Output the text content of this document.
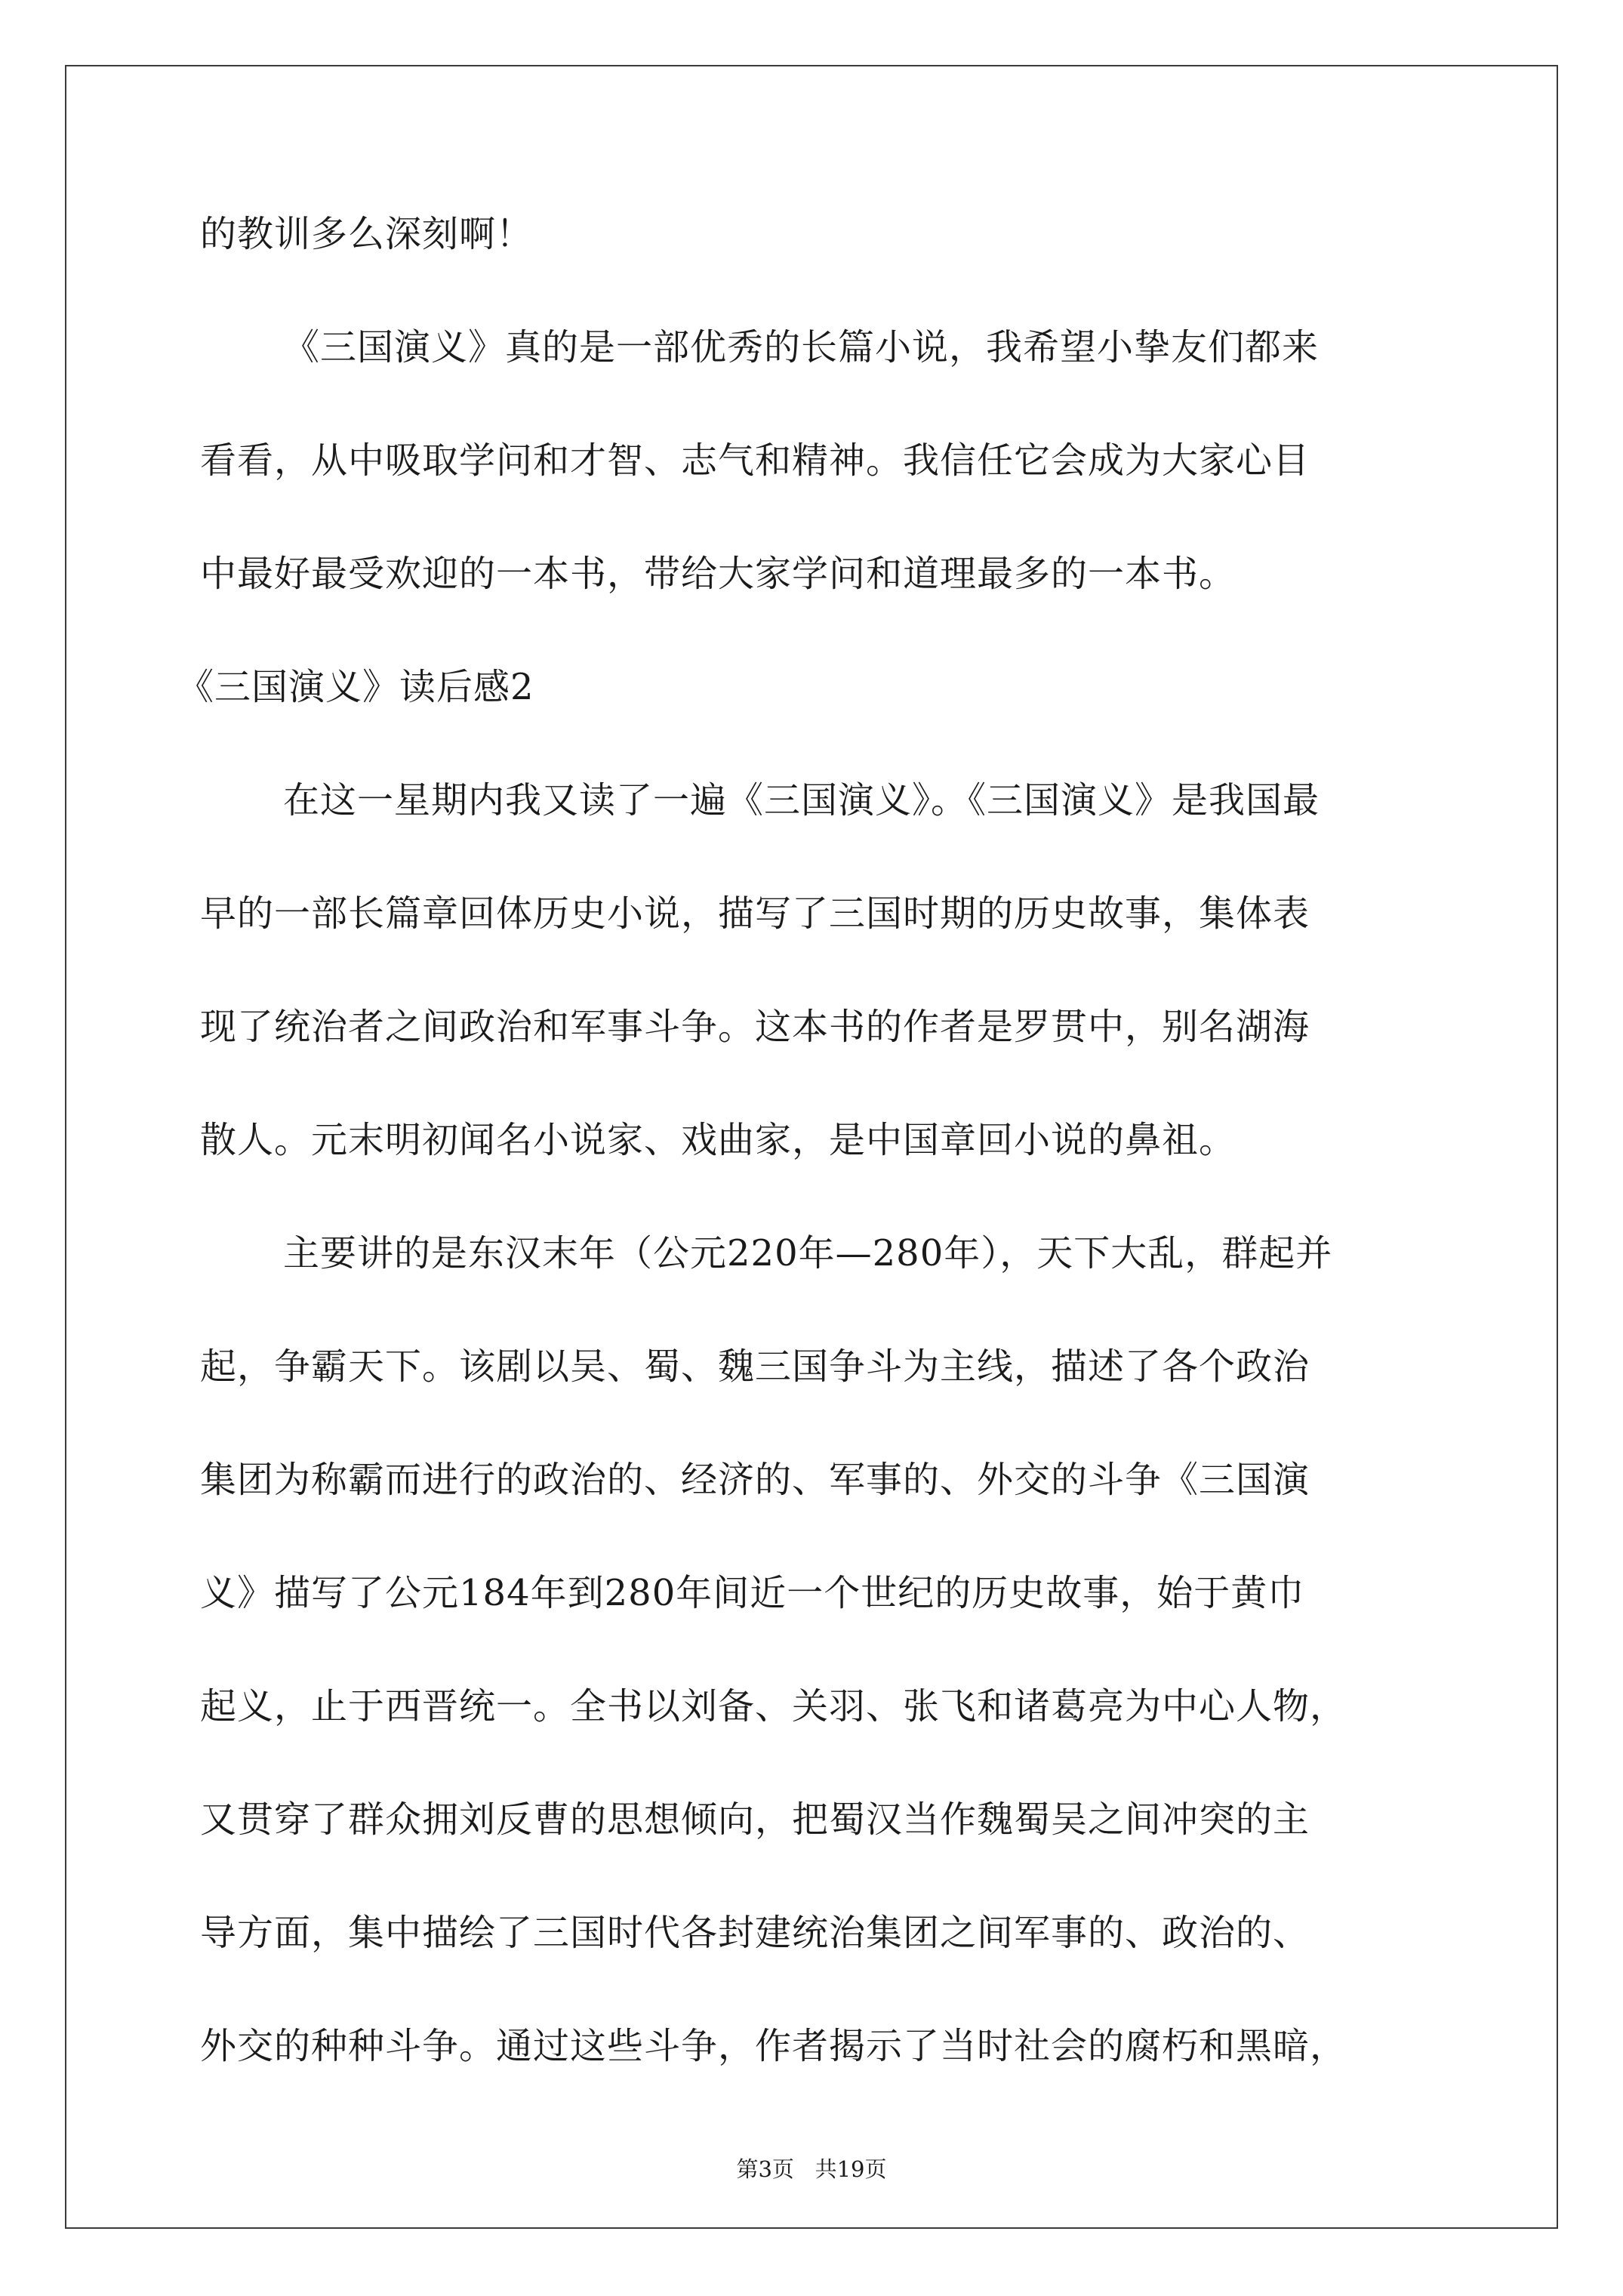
的教训多么深刻啊！
《三国演义》真的是一部优秀的长篇小说，我希望小挚友们都来
看看，从中吸取学问和才智、志气和精神。我信任它会成为大家心目
中最好最受欢迎的一本书，带给大家学问和道理最多的一本书。
《三国演义》读后感2
在这一星期内我又读了一遍《三国演义》。《三国演义》是我国最
早的一部长篇章回体历史小说，描写了三国时期的历史故事，集体表
现了统治者之间政治和军事斗争。这本书的作者是罗贯中，别名湖海
散人。元末明初闻名小说家、戏曲家，是中国章回小说的鼻祖。
主要讲的是东汉末年（公元220年—280年），天下大乱，群起并
起，争霸天下。该剧以吴、蜀、魏三国争斗为主线，描述了各个政治
集团为称霸而进行的政治的、经济的、军事的、外交的斗争《三国演
义》描写了公元184年到280年间近一个世纪的历史故事，始于黄巾
起义，止于西晋统一。全书以刘备、关羽、张飞和诸葛亮为中心人物，
又贯穿了群众拥刘反曹的思想倾向，把蜀汉当作魏蜀吴之间冲突的主
导方面，集中描绘了三国时代各封建统治集团之间军事的、政治的、
外交的种种斗争。通过这些斗争，作者揭示了当时社会的腐朽和黑暗，
第3页   共19页
